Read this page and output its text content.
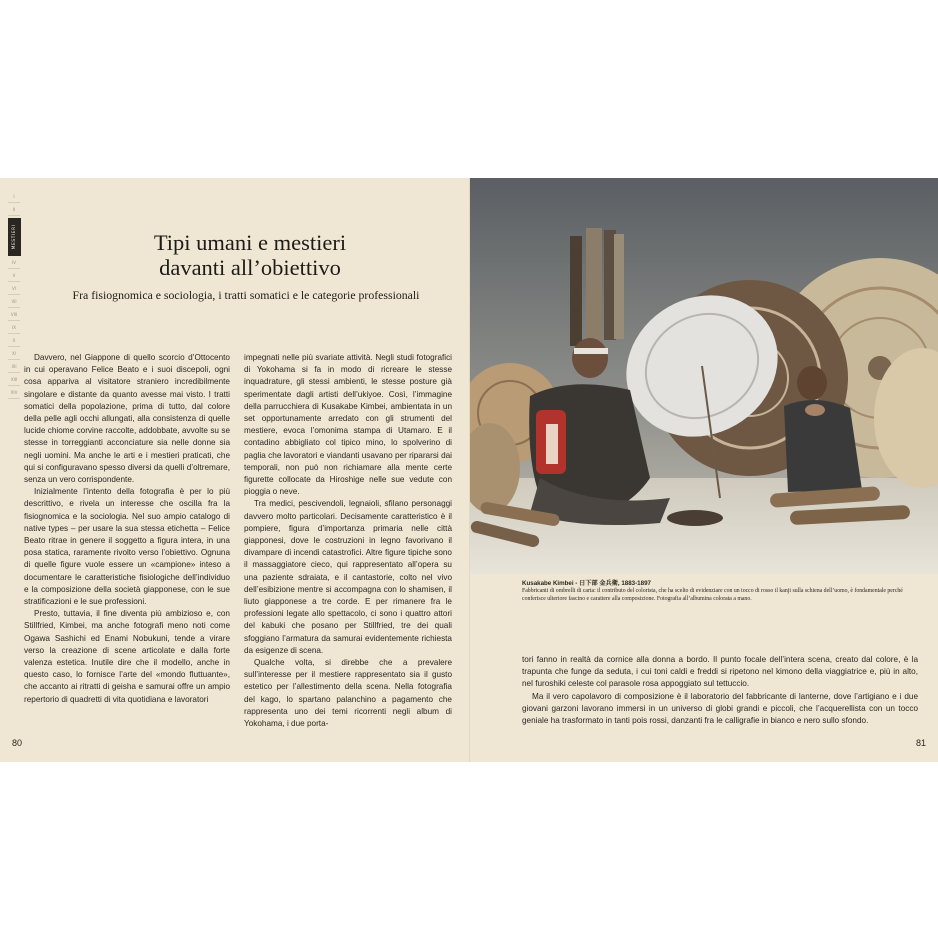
I
MESTIERI
IV
V
VI
VII
VIII
IX
X
XI
XII
XIII
XIV
Tipi umani e mestieri
davanti all’obiettivo
Fra fisiognomica e sociologia, i tratti somatici e le categorie professionali

Davvero, nel Giappone di quello scorcio d’Ottocento in cui operavano Felice Beato e i suoi discepoli, ogni cosa appariva al visitatore straniero incredibilmente singolare e distante da quanto avesse mai visto. I tratti somatici della popolazione, prima di tutto, dal colore della pelle agli occhi allungati, alla consistenza di quelle lucide chiome corvine raccolte, addobbate, avvolte su se stesse in torreggianti acconciature sia nelle donne sia negli uomini. Ma anche le arti e i mestieri praticati, che qui si configuravano spesso diversi da quelli d’oltremare, senza un vero corrispondente.

Inizialmente l’intento della fotografia è per lo più descrittivo, e rivela un interesse che oscilla fra la fisiognomica e la sociologia. Nel suo ampio catalogo di native types – per usare la sua stessa etichetta – Felice Beato ritrae in genere il soggetto a figura intera, in una posa statica, raramente rivolto verso l’obiettivo. Ognuna di quelle figure vuole essere un «campione» inteso a documentare le caratteristiche fisiologiche dell’individuo e la composizione della società giapponese, con le sue stratificazioni e le sue professioni.

Presto, tuttavia, il fine diventa più ambizioso e, con Stillfried, Kimbei, ma anche fotografi meno noti come Ogawa Sashichi ed Enami Nobukuni, tende a virare verso la creazione di scene articolate e dalla forte valenza estetica. Inutile dire che il modello, anche in questo caso, lo fornisce l’arte del «mondo fluttuante», che accanto ai ritratti di geisha e samurai offre un ampio repertorio di quadretti di vita quotidiana e lavoratori

impegnati nelle più svariate attività. Negli studi fotografici di Yokohama si fa in modo di ricreare le stesse inquadrature, gli stessi ambienti, le stesse posture già sperimentate dagli artisti dell’ukiyoe. Così, l’immagine della parrucchiera di Kusakabe Kimbei, ambientata in un set opportunamente arredato con gli strumenti del mestiere, evoca l’omonima stampa di Utamaro. E il contadino abbigliato col tipico mino, lo spolverino di paglia che lavoratori e viandanti usavano per ripararsi dai temporali, non può non richiamare alla mente certe figurette collocate da Hiroshige nelle sue vedute con pioggia o neve.

Tra medici, pescivendoli, legnaioli, sfilano personaggi davvero molto particolari. Decisamente caratteristico è il pompiere, figura d’importanza primaria nelle città giapponesi, dove le costruzioni in legno favorivano il divampare di incendi catastrofici. Altre figure tipiche sono il massaggiatore cieco, qui rappresentato all’opera su una paziente sdraiata, e il cantastorie, colto nel vivo dell’esibizione mentre si accompagna con lo shamisen, il liuto giapponese a tre corde. E per rimanere fra le professioni legate allo spettacolo, ci sono i quattro attori del kabuki che posano per Stillfried, tre dei quali sfoggiano l’armatura da samurai evidentemente richiesta da esigenze di scena.

Qualche volta, si direbbe che a prevalere sull’interesse per il mestiere rappresentato sia il gusto estetico per l’allestimento della scena. Nella fotografia del kago, lo spartano palanchino a pagamento che rappresenta uno dei temi ricorrenti negli album di Yokohama, i due porta-

80
Kusakabe Kimbei - 日下部 金兵衛, 1883-1897
Fabbricanti di ombrelli di carta: il contributo del colorista, che ha scelto di evidenziare con un tocco di rosso il kanji sulla schiena dell’uomo, è fondamentale perché conferisce ulteriore fascino e carattere alla composizione. Fotografia all’albumina colorata a mano.

tori fanno in realtà da cornice alla donna a bordo. Il punto focale dell’intera scena, creato dal colore, è la trapunta che funge da seduta, i cui toni caldi e freddi si ripetono nel kimono della viaggiatrice e, più in alto, nel furoshiki celeste col parasole rosa appoggiato sul tettuccio.

Ma il vero capolavoro di composizione è il laboratorio del fabbricante di lanterne, dove l’artigiano e i due giovani garzoni lavorano immersi in un universo di globi grandi e piccoli, che l’acquerellista con un tocco geniale ha trasformato in tanti pois rossi, danzanti fra le calligrafie in bianco e nero sullo sfondo.

81
